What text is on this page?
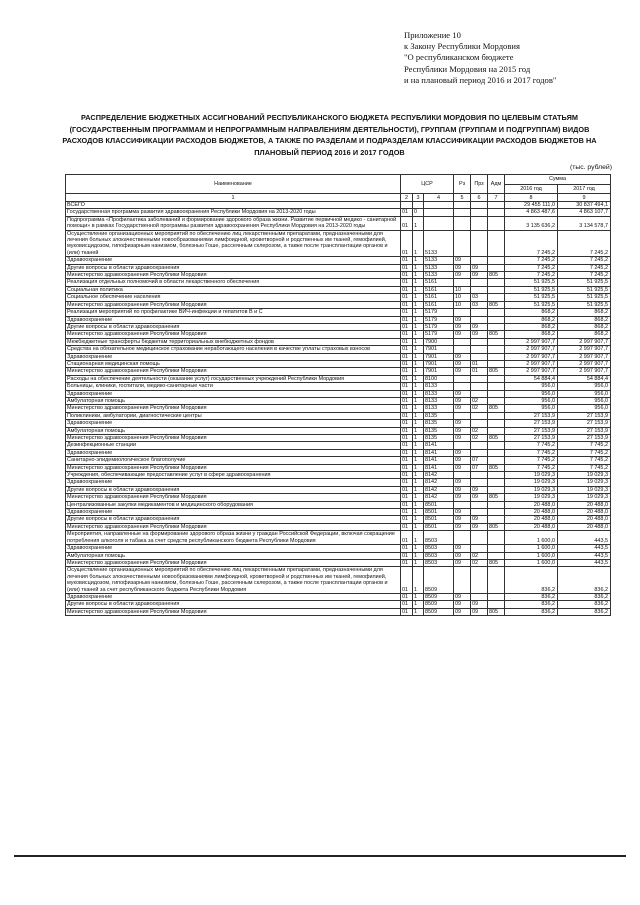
Приложение 10
к Закону Республики Мордовия
"О республиканском бюджете
Республики Мордовия на 2015 год
и на плановый период 2016 и 2017 годов"
РАСПРЕДЕЛЕНИЕ БЮДЖЕТНЫХ АССИГНОВАНИЙ РЕСПУБЛИКАНСКОГО БЮДЖЕТА РЕСПУБЛИКИ МОРДОВИЯ ПО ЦЕЛЕВЫМ СТАТЬЯМ (ГОСУДАРСТВЕННЫМ ПРОГРАММАМ И НЕПРОГРАММНЫМ НАПРАВЛЕНИЯМ ДЕЯТЕЛЬНОСТИ), ГРУППАМ (ГРУППАМ И ПОДГРУППАМ) ВИДОВ РАСХОДОВ КЛАССИФИКАЦИИ РАСХОДОВ БЮДЖЕТОВ, А ТАКЖЕ ПО РАЗДЕЛАМ И ПОДРАЗДЕЛАМ КЛАССИФИКАЦИИ РАСХОДОВ БЮДЖЕТОВ НА ПЛАНОВЫЙ ПЕРИОД 2016 И 2017 ГОДОВ
(тыс. рублей)
Наименование	ЦСР			Рз	Прз	Адм	Сумма	
							2016 год	2017 год
1	2	3	4	5	6	7	8	9
ВСЕГО							29 455 111,0	30 837 494,1
Государственная программа развития здравоохранения Республики Мордовия на 2013-2020 годы	01	0					4 863 487,6	4 863 107,7
Подпрограмма «Профилактика заболеваний и формирование здорового образа жизни. Развитие первичной медико - санитарной помощи» в рамках Государственной программы развития здравоохранения Республики Мордовия на 2013-2020 годы	01	1					3 135 636,2	3 134 578,7
Осуществление организационных мероприятий по обеспечению лиц лекарственными препаратами, предназначенными для лечения больных злокачественными новообразованиями лимфоидной, кроветворной и родственных им тканей, гемофилией, муковисцидозом, гипофизарным нанизмом, болезнью Гоше, рассеянным склерозом, а также после трансплантации органов и (или) тканей	01	1	5133				7 245,2	7 245,2
Здравоохранение	01	1	5133	09			7 245,2	7 245,2
Другие вопросы в области здравоохранения	01	1	5133	09	09		7 245,2	7 245,2
Министерство здравоохранения Республики Мордовия	01	1	5133	09	09	805	7 245,2	7 245,2
Реализация отдельных полномочий в области лекарственного обеспечения	01	1	5161				51 925,5	51 925,5
Социальная политика	01	1	5161	10			51 925,5	51 925,5
Социальное обеспечение населения	01	1	5161	10	03		51 925,5	51 925,5
Министерство здравоохранения Республики Мордовия	01	1	5161	10	03	805	51 925,5	51 925,5
Реализация мероприятий по профилактике ВИЧ-инфекции и гепатитов В и С	01	1	5179				868,2	868,2
Здравоохранение	01	1	5179	09			868,2	868,2
Другие вопросы в области здравоохранения	01	1	5179	09	09		868,2	868,2
Министерство здравоохранения Республики Мордовия	01	1	5179	09	09	805	868,2	868,2
Межбюджетные трансферты бюджетам территориальных внебюджетных фондов	01	1	7900				2 997 907,7	2 997 907,7
Средства на обязательное медицинское страхование неработающего населения в качестве уплаты страховых взносов	01	1	7901				2 997 907,7	2 997 907,7
Здравоохранение	01	1	7901	09			2 997 907,7	2 997 907,7
Стационарная медицинская помощь	01	1	7901	09	01		2 997 907,7	2 997 907,7
Министерство здравоохранения Республики Мордовия	01	1	7901	09	01	805	2 997 907,7	2 997 907,7
Расходы на обеспечение деятельности (оказание услуг) государственных учреждений Республики Мордовия	01	1	8100				54 884,4	54 884,4
Больницы, клиники, госпитали, медико-санитарные части	01	1	8133				956,0	956,0
Здравоохранение	01	1	8133	09			956,0	956,0
Амбулаторная помощь	01	1	8133	09	02		956,0	956,0
Министерство здравоохранения Республики Мордовия	01	1	8133	09	02	805	956,0	956,0
Поликлиники, амбулатории, диагностические центры	01	1	8135				27 153,9	27 153,9
Здравоохранение	01	1	8135	09			27 153,9	27 153,9
Амбулаторная помощь	01	1	8135	09	02		27 153,9	27 153,9
Министерство здравоохранения Республики Мордовия	01	1	8135	09	02	805	27 153,9	27 153,9
Дезинфекционные станции	01	1	8141				7 745,2	7 745,2
Здравоохранение	01	1	8141	09			7 745,2	7 745,2
Санитарно-эпидемиологическое благополучие	01	1	8141	09	07		7 745,2	7 745,2
Министерство здравоохранения Республики Мордовия	01	1	8141	09	07	805	7 745,2	7 745,2
Учреждения, обеспечивающие предоставление услуг в сфере здравоохранения	01	1	8142				19 029,3	19 029,3
Здравоохранение	01	1	8142	09			19 029,3	19 029,3
Другие вопросы в области здравоохранения	01	1	8142	09	09		19 029,3	19 029,3
Министерство здравоохранения Республики Мордовия	01	1	8142	09	09	805	19 029,3	19 029,3
Централизованные закупки медикаментов и медицинского оборудования	01	1	8501				20 488,0	20 488,0
Здравоохранение	01	1	8501	09			20 488,0	20 488,0
Другие вопросы в области здравоохранения	01	1	8501	09	09		20 488,0	20 488,0
Министерство здравоохранения Республики Мордовия	01	1	8501	09	09	805	20 488,0	20 488,0
Мероприятия, направленные на формирование здорового образа жизни у граждан Российской Федерации, включая сокращение потребления алкоголя и табака за счет средств республиканского бюджета Республики Мордовия	01	1	8503				1 600,0	443,5
Здравоохранение	01	1	8503	09			1 600,0	443,5
Амбулаторная помощь	01	1	8503	09	02		1 600,0	443,5
Министерство здравоохранения Республики Мордовия	01	1	8503	09	02	805	1 600,0	443,5
Осуществление организационных мероприятий по обеспечению лиц лекарственными препаратами, предназначенными для лечения больных злокачественными новообразованиями лимфоидной, кроветворной и родственных им тканей, гемофилией, муковисцидозом, гипофизарным нанизмом, болезнью Гоше, рассеянным склерозом, а также после трансплантации органов и (или) тканей за счет республиканского бюджета Республики Мордовия	01	1	8509				836,2	836,2
Здравоохранение	01	1	8509	09			836,2	836,2
Другие вопросы в области здравоохранения	01	1	8509	09	09		836,2	836,2
Министерство здравоохранения Республики Мордовия	01	1	8509	09	09	805	836,2	836,2
